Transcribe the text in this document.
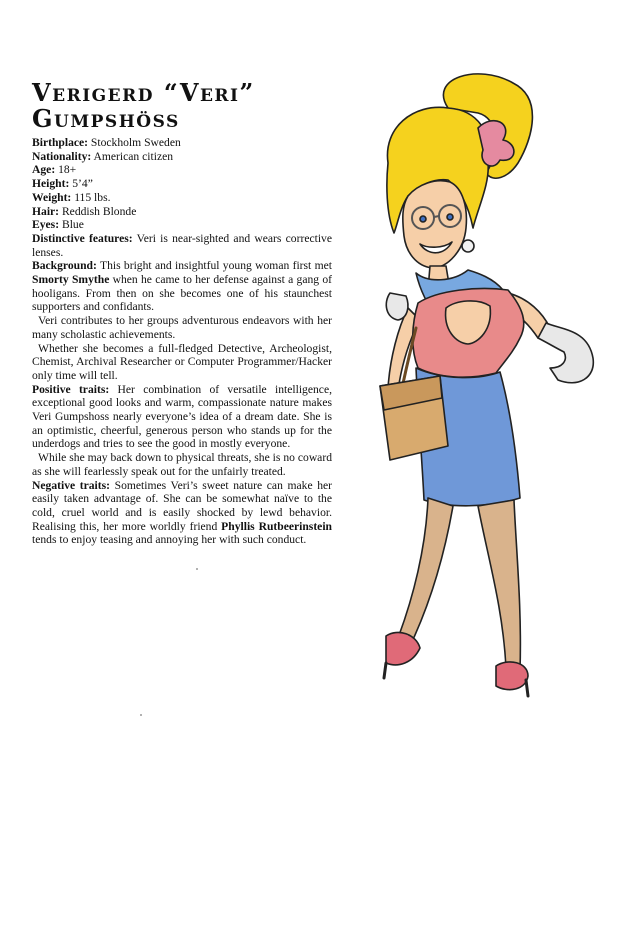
Verigerd “Veri”
Gumpshöss

Birthplace: Stockholm Sweden

Nationality: American citizen

Age: 18+

Height: 5’4”

Weight: 115 lbs.

Hair: Reddish Blonde

Eyes: Blue

Distinctive features: Veri is near-sighted and wears corrective lenses.

Background: This bright and insightful young woman first met Smorty Smythe when he came to her defense against a gang of hooligans. From then on she becomes one of his staunchest supporters and confidants.

Veri contributes to her groups adventurous endeavors with her many scholastic achievements.

Whether she becomes a full-fledged Detective, Archeologist, Chemist, Archival Researcher or Computer Programmer/Hacker only time will tell.

Positive traits: Her combination of versatile intelligence, exceptional good looks and warm, compassionate nature makes Veri Gumpshoss nearly everyone’s idea of a dream date. She is an optimistic, cheerful, generous person who stands up for the underdogs and tries to see the good in mostly everyone.

While she may back down to physical threats, she is no coward as she will fearlessly speak out for the unfairly treated.

Negative traits: Sometimes Veri’s sweet nature can make her easily taken advantage of. She can be somewhat naïve to the cold, cruel world and is easily shocked by lewd behavior. Realising this, her more worldly friend Phyllis Rutbeerinstein tends to enjoy teasing and annoying her with such conduct.
